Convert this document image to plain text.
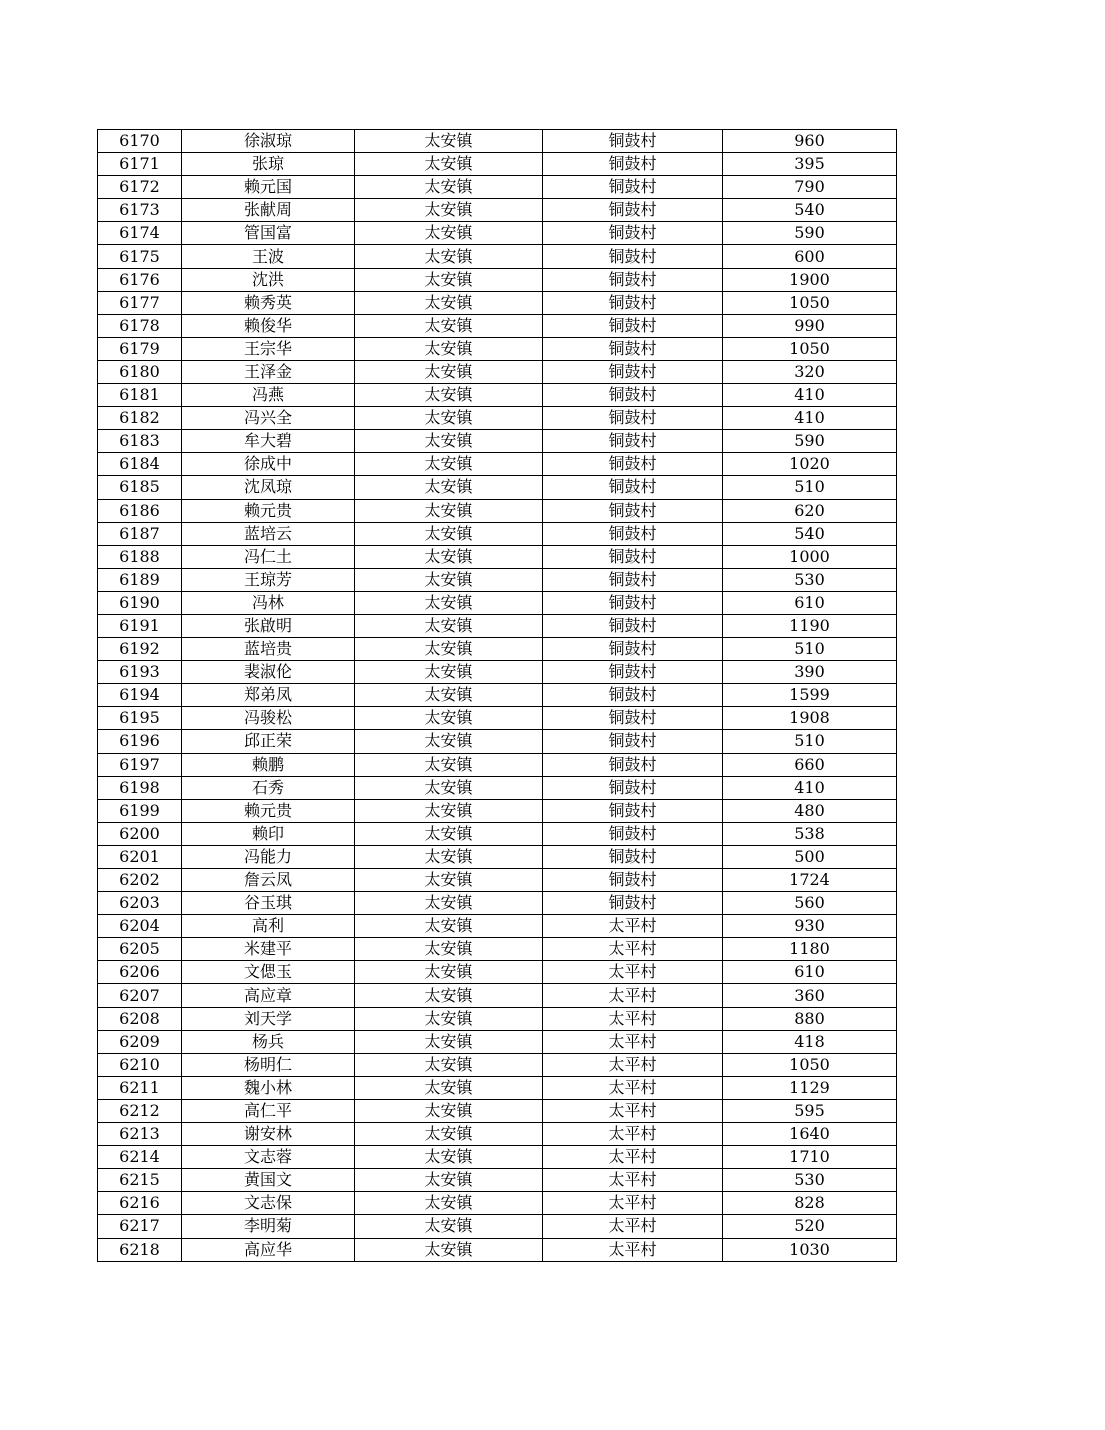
6170	徐淑琼	太安镇	铜鼓村	960
6171	张琼	太安镇	铜鼓村	395
6172	赖元国	太安镇	铜鼓村	790
6173	张献周	太安镇	铜鼓村	540
6174	管国富	太安镇	铜鼓村	590
6175	王波	太安镇	铜鼓村	600
6176	沈洪	太安镇	铜鼓村	1900
6177	赖秀英	太安镇	铜鼓村	1050
6178	赖俊华	太安镇	铜鼓村	990
6179	王宗华	太安镇	铜鼓村	1050
6180	王泽金	太安镇	铜鼓村	320
6181	冯燕	太安镇	铜鼓村	410
6182	冯兴全	太安镇	铜鼓村	410
6183	牟大碧	太安镇	铜鼓村	590
6184	徐成中	太安镇	铜鼓村	1020
6185	沈凤琼	太安镇	铜鼓村	510
6186	赖元贵	太安镇	铜鼓村	620
6187	蓝培云	太安镇	铜鼓村	540
6188	冯仁土	太安镇	铜鼓村	1000
6189	王琼芳	太安镇	铜鼓村	530
6190	冯林	太安镇	铜鼓村	610
6191	张啟明	太安镇	铜鼓村	1190
6192	蓝培贵	太安镇	铜鼓村	510
6193	裴淑伦	太安镇	铜鼓村	390
6194	郑弟凤	太安镇	铜鼓村	1599
6195	冯骏松	太安镇	铜鼓村	1908
6196	邱正荣	太安镇	铜鼓村	510
6197	赖鹏	太安镇	铜鼓村	660
6198	石秀	太安镇	铜鼓村	410
6199	赖元贵	太安镇	铜鼓村	480
6200	赖印	太安镇	铜鼓村	538
6201	冯能力	太安镇	铜鼓村	500
6202	詹云凤	太安镇	铜鼓村	1724
6203	谷玉琪	太安镇	铜鼓村	560
6204	高利	太安镇	太平村	930
6205	米建平	太安镇	太平村	1180
6206	文偲玉	太安镇	太平村	610
6207	高应章	太安镇	太平村	360
6208	刘天学	太安镇	太平村	880
6209	杨兵	太安镇	太平村	418
6210	杨明仁	太安镇	太平村	1050
6211	魏小林	太安镇	太平村	1129
6212	高仁平	太安镇	太平村	595
6213	谢安林	太安镇	太平村	1640
6214	文志蓉	太安镇	太平村	1710
6215	黄国文	太安镇	太平村	530
6216	文志保	太安镇	太平村	828
6217	李明菊	太安镇	太平村	520
6218	高应华	太安镇	太平村	1030
